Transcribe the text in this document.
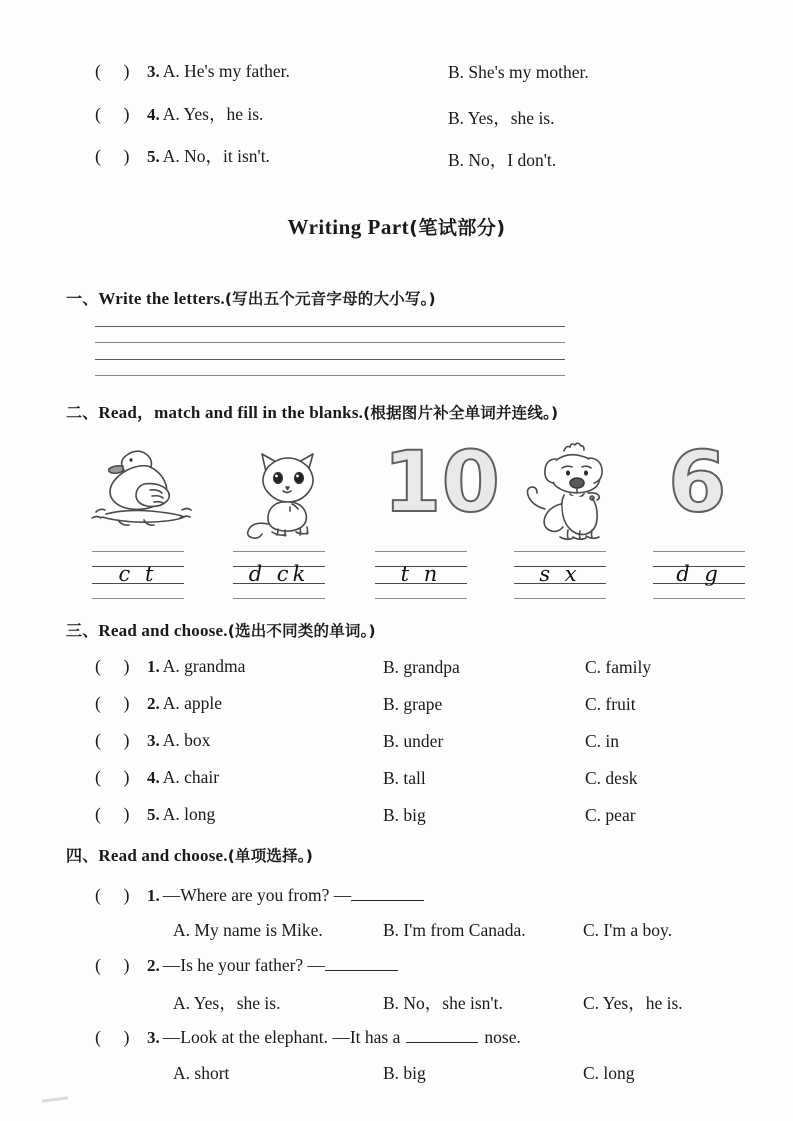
(     )	3. A. He's my father.	B. She's my mother.
(     )	4. A. Yes，he is.	B. Yes，she is.
(     )	5. A. No，it isn't.	B. No，I don't.
Writing Part(笔试部分)
一、Write the letters.(写出五个元音字母的大小写。)
二、Read，match and fill in the blanks.(根据图片补全单词并连线。)
10 6
c t	d ck	t n	s x	d g
三、Read and choose.(选出不同类的单词。)
(     )	1. A. grandma	B. grandpa	C. family
(     )	2. A. apple	B. grape	C. fruit
(     )	3. A. box	B. under	C. in
(     )	4. A. chair	B. tall	C. desk
(     )	5. A. long	B. big	C. pear
四、Read and choose.(单项选择。)
(     )	1. —Where are you from? —
A. My name is Mike.	B. I'm from Canada.	C. I'm a boy.
(     )	2. —Is he your father? —
A. Yes，she is.	B. No，she isn't.	C. Yes，he is.
(     )	3. —Look at the elephant. —It has a	nose.
A. short	B. big	C. long
